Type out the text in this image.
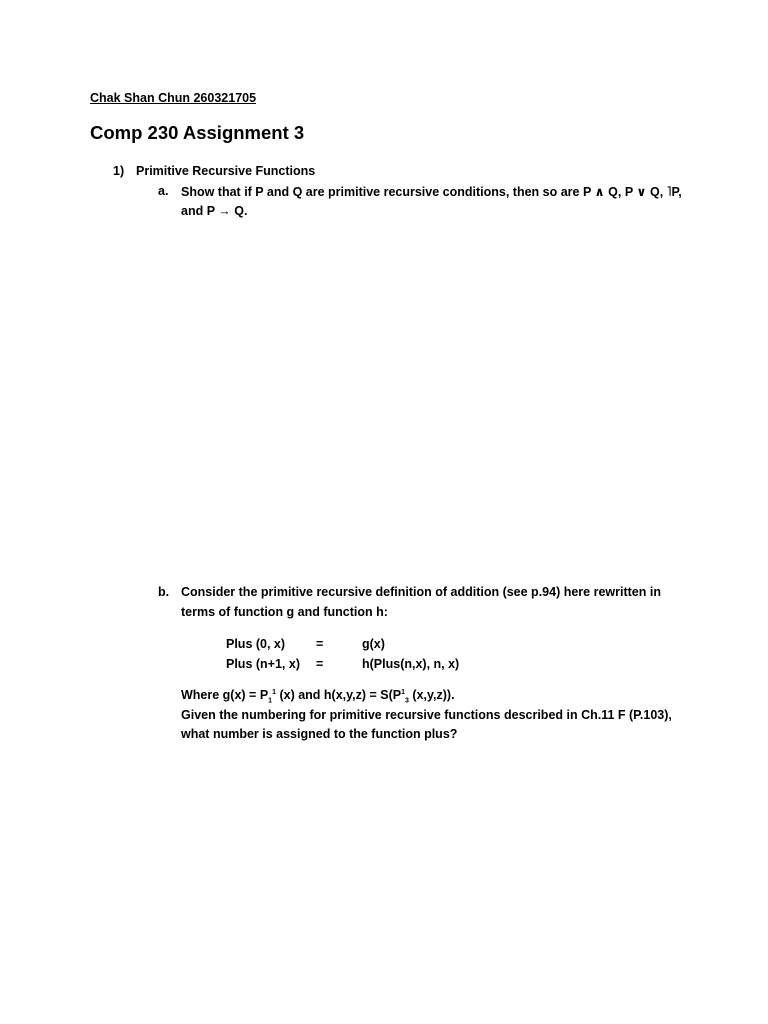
Chak Shan Chun 260321705
Comp 230 Assignment 3
1) Primitive Recursive Functions
a. Show that if P and Q are primitive recursive conditions, then so are P ∧ Q, P ∨ Q, ˥P,
and P → Q.
b. Consider the primitive recursive definition of addition (see p.94) here rewritten in
terms of function g and function h:
Plus (0, x) =	g(x)
Plus (n+1, x) =	h(Plus(n,x), n, x)
Where $g(x) = P_1^1$ (x) and $h(x,y,z) = S(P^1_3$ (x,y,z)).
Given the numbering for primitive recursive functions described in Ch.11 F (P.103),
what number is assigned to the function plus?
